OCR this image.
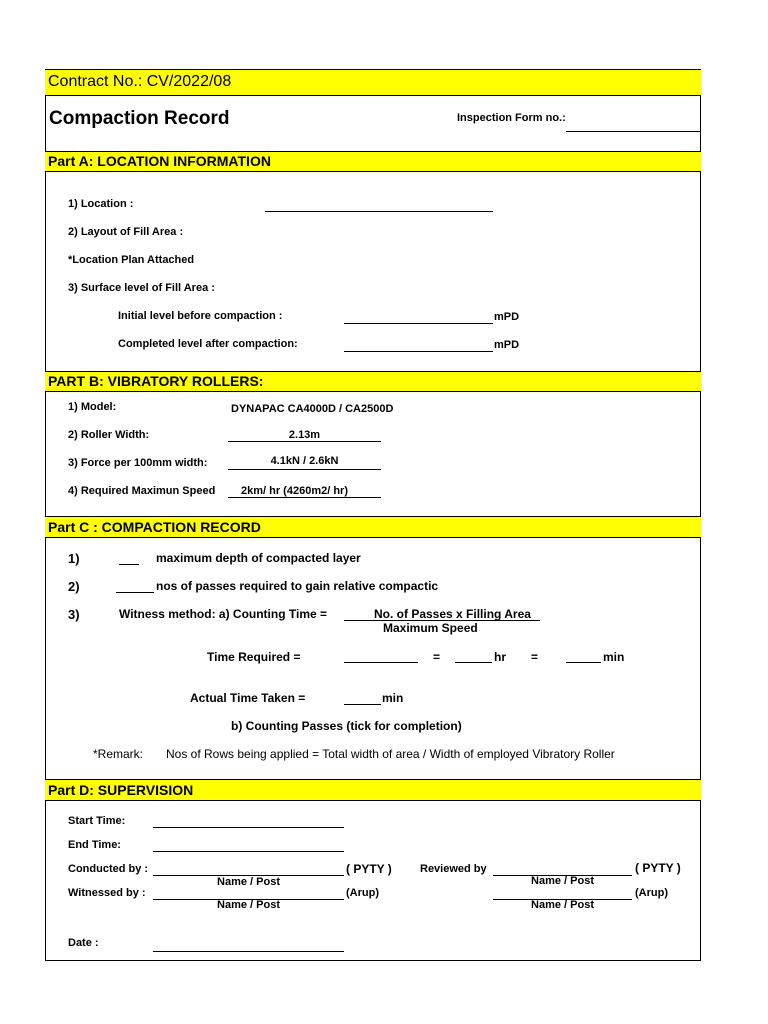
Contract No.: CV/2022/08
Compaction Record	Inspection Form no.:
Part A: LOCATION INFORMATION
1) Location :
2) Layout of Fill Area :
*Location Plan Attached
3) Surface level of Fill Area :
Initial level before compaction :	mPD
Completed level after compaction:	mPD
PART B: VIBRATORY ROLLERS:
1) Model:	DYNAPAC CA4000D / CA2500D
2) Roller Width:	2.13m
3) Force per 100mm width:	4.1kN / 2.6kN
4) Required Maximun Speed 2km/ hr (4260m2/ hr)
Part C : COMPACTION RECORD
1)	maximum depth of compacted layer
2)	nos of passes required to gain relative compactic
3)	Witness method: a) Counting Time =	No. of Passes x Filling Area
Maximum Speed
Time Required =	=	hr =	min
Actual Time Taken =	min
b) Counting Passes (tick for completion)
*Remark: Nos of Rows being applied = Total width of area / Width of employed Vibratory Roller
Part D: SUPERVISION
Start Time:
End Time:
Conducted by :	( PYTY )	Reviewed by	( PYTY )
Name / Post	Name / Post
Witnessed by :	(Arup)	(Arup)
Name / Post	Name / Post
Date :
